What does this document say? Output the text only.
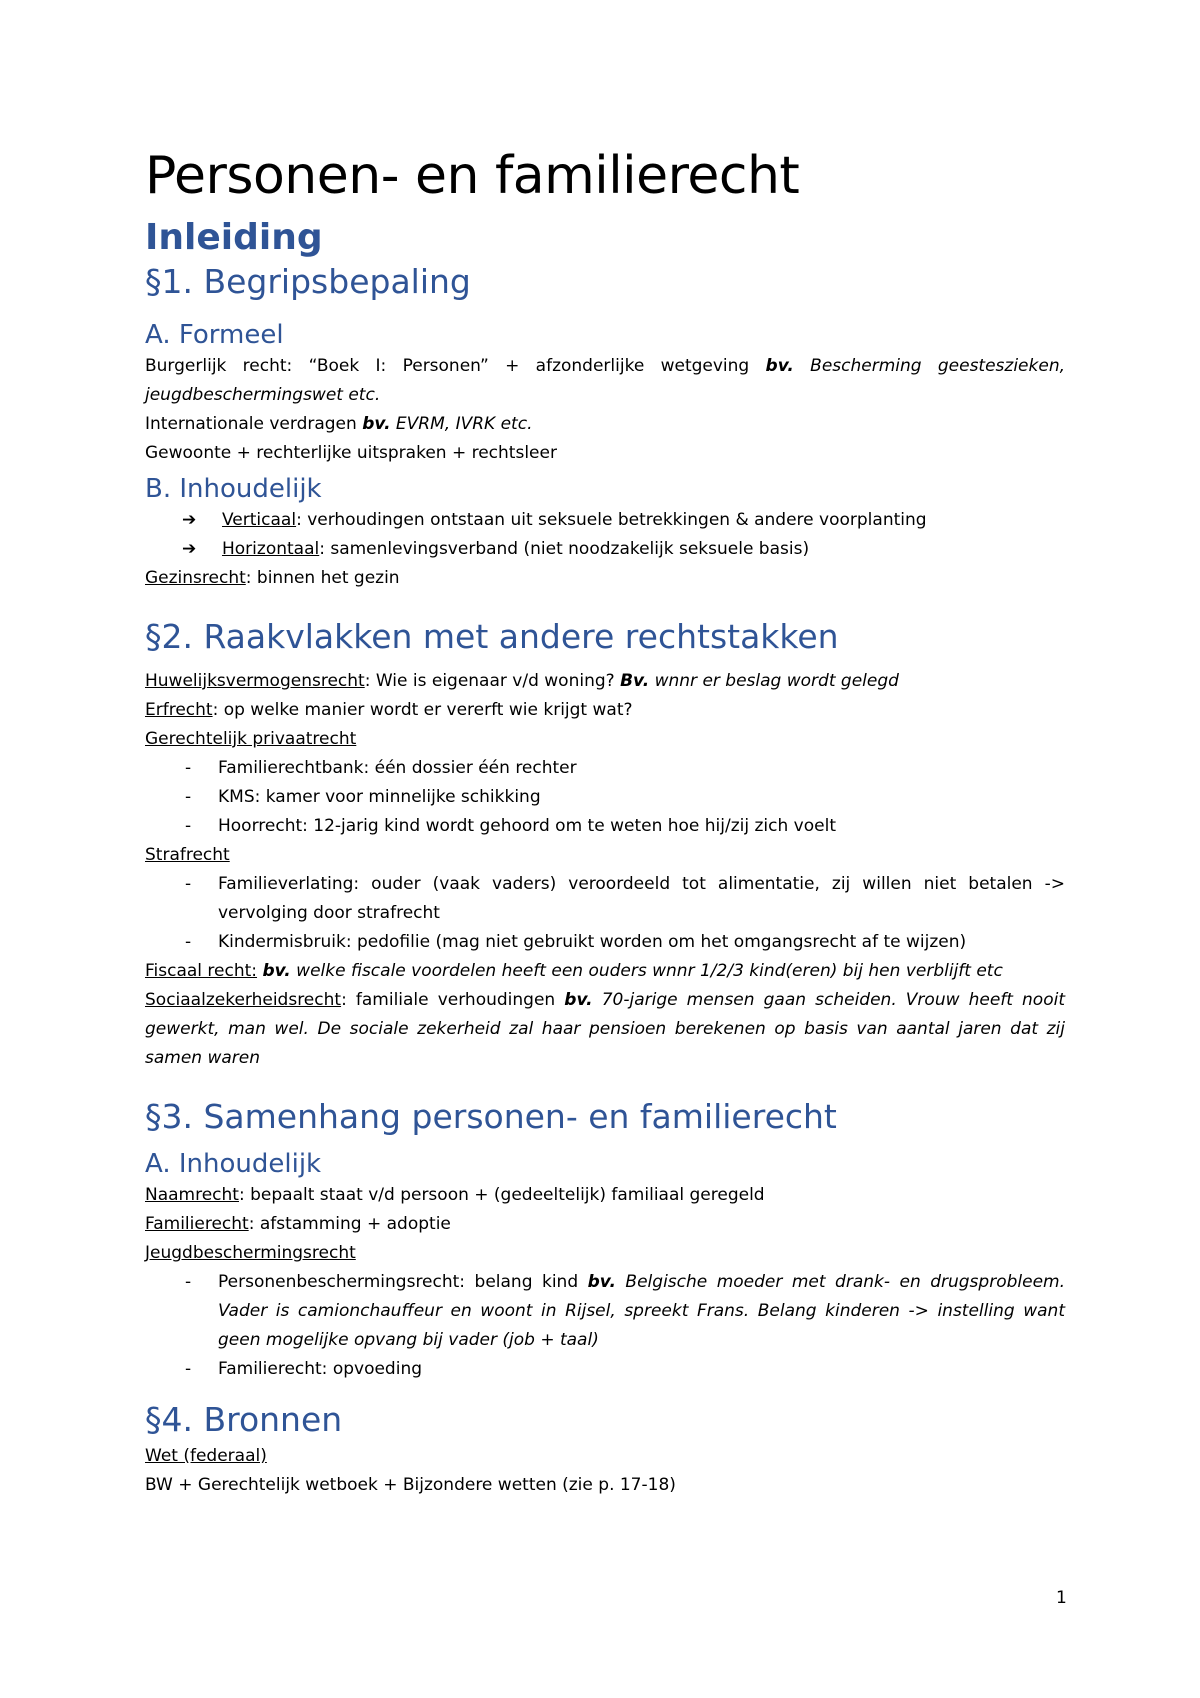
Personen- en familierecht
Inleiding
§1. Begripsbepaling
A. Formeel

Burgerlijk recht: “Boek I: Personen” + afzonderlijke wetgeving bv. Bescherming geesteszieken, jeugdbeschermingswet etc.

Internationale verdragen bv. EVRM, IVRK etc.

Gewoonte + rechterlijke uitspraken + rechtsleer

B. Inhoudelijk
➔	Verticaal: verhoudingen ontstaan uit seksuele betrekkingen & andere voorplanting
➔	Horizontaal: samenlevingsverband (niet noodzakelijk seksuele basis)

Gezinsrecht: binnen het gezin

§2. Raakvlakken met andere rechtstakken

Huwelijksvermogensrecht: Wie is eigenaar v/d woning? Bv. wnnr er beslag wordt gelegd

Erfrecht: op welke manier wordt er vererft wie krijgt wat?

Gerechtelijk privaatrecht

-	Familierechtbank: één dossier één rechter
-	KMS: kamer voor minnelijke schikking
-	Hoorrecht: 12-jarig kind wordt gehoord om te weten hoe hij/zij zich voelt

Strafrecht

-	Familieverlating: ouder (vaak vaders) veroordeeld tot alimentatie, zij willen niet betalen -> vervolging door strafrecht
-	Kindermisbruik: pedofilie (mag niet gebruikt worden om het omgangsrecht af te wijzen)

Fiscaal recht: bv. welke fiscale voordelen heeft een ouders wnnr 1/2/3 kind(eren) bij hen verblijft etc

Sociaalzekerheidsrecht: familiale verhoudingen bv. 70-jarige mensen gaan scheiden. Vrouw heeft nooit gewerkt, man wel. De sociale zekerheid zal haar pensioen berekenen op basis van aantal jaren dat zij samen waren

§3. Samenhang personen- en familierecht
A. Inhoudelijk

Naamrecht: bepaalt staat v/d persoon + (gedeeltelijk) familiaal geregeld

Familierecht: afstamming + adoptie

Jeugdbeschermingsrecht

-	Personenbeschermingsrecht: belang kind bv. Belgische moeder met drank- en drugsprobleem. Vader is camionchauffeur en woont in Rijsel, spreekt Frans. Belang kinderen -> instelling want geen mogelijke opvang bij vader (job + taal)
-	Familierecht: opvoeding
§4. Bronnen

Wet (federaal)

BW + Gerechtelijk wetboek + Bijzondere wetten (zie p. 17-18)

1
